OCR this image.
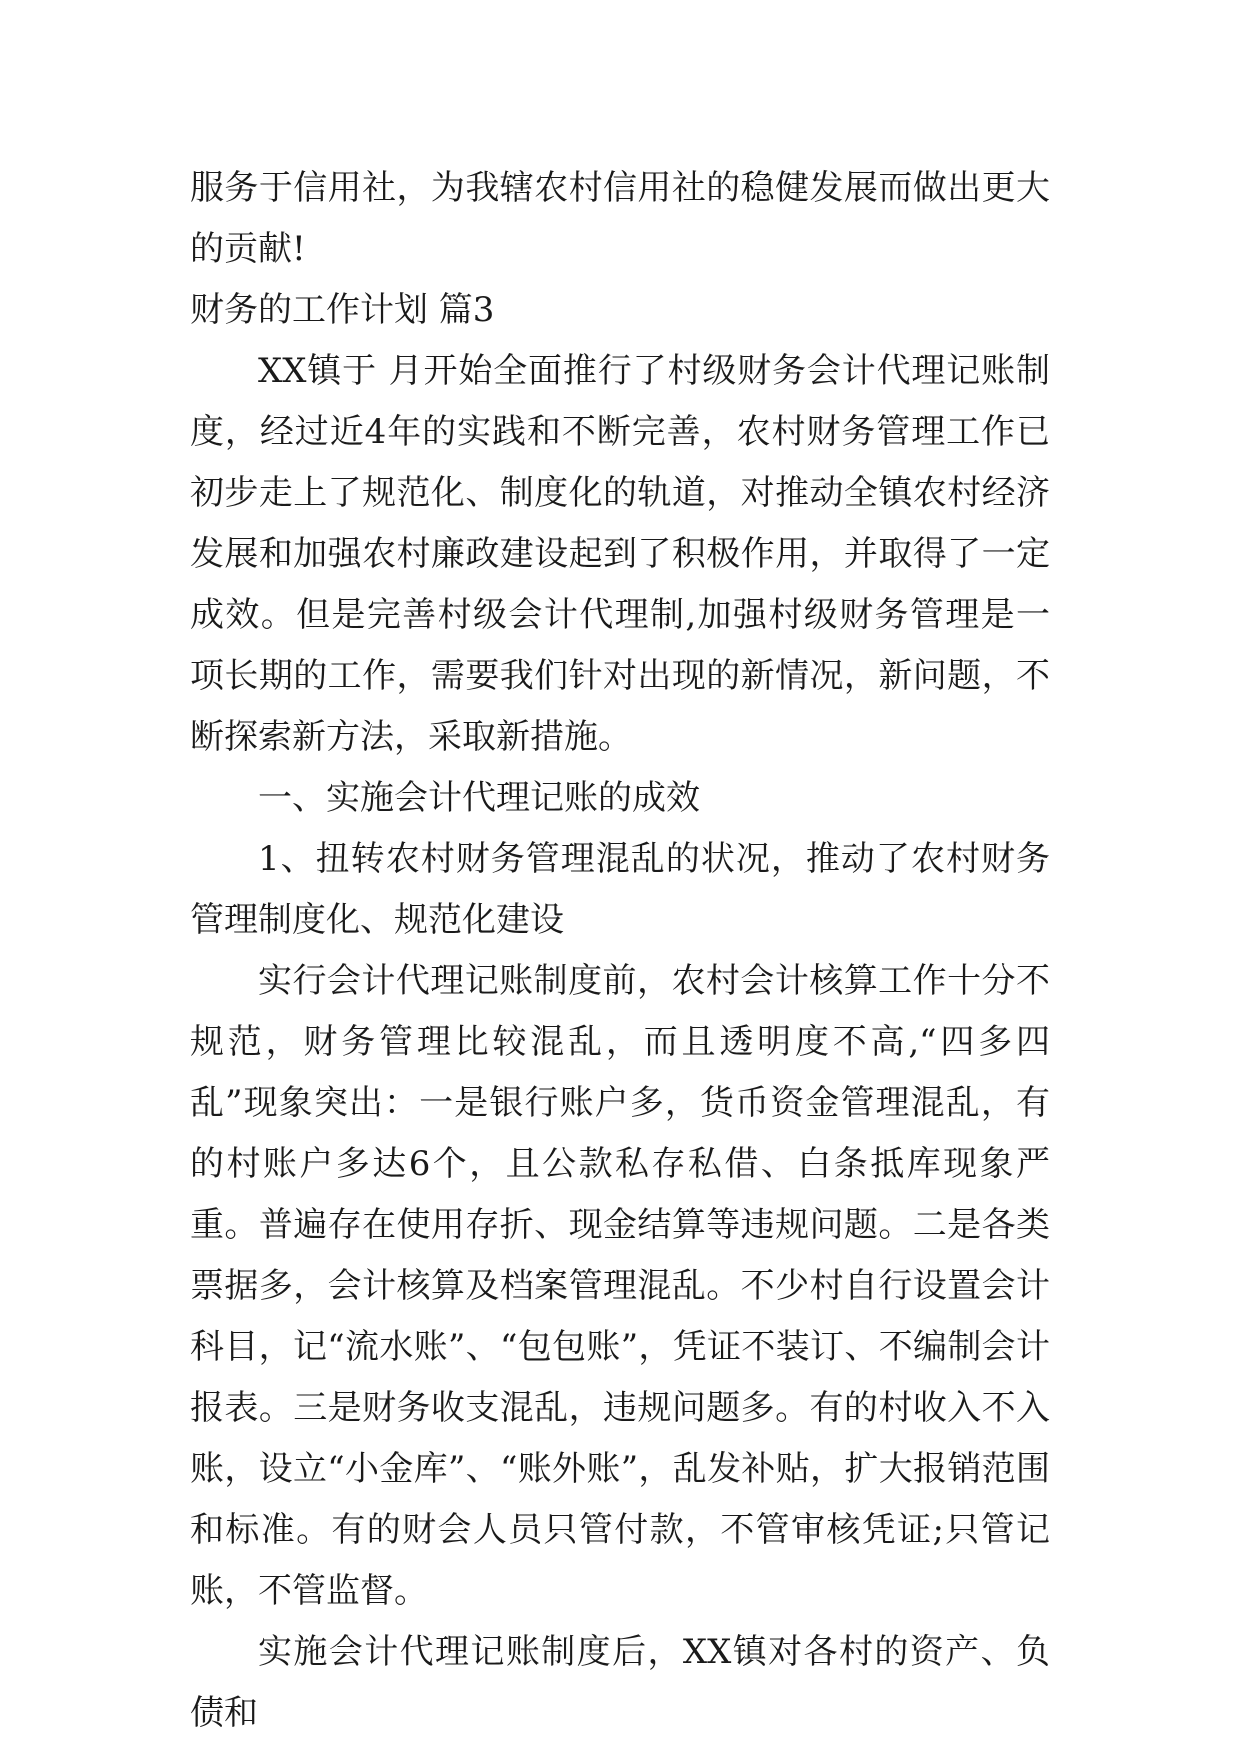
服务于信用社，为我辖农村信用社的稳健发展而做出更大的贡献!

财务的工作计划 篇3

XX镇于 月开始全面推行了村级财务会计代理记账制度，经过近4年的实践和不断完善，农村财务管理工作已初步走上了规范化、制度化的轨道，对推动全镇农村经济发展和加强农村廉政建设起到了积极作用，并取得了一定成效。但是完善村级会计代理制,加强村级财务管理是一项长期的工作，需要我们针对出现的新情况，新问题，不断探索新方法，采取新措施。

一、实施会计代理记账的成效

1、扭转农村财务管理混乱的状况，推动了农村财务管理制度化、规范化建设

实行会计代理记账制度前，农村会计核算工作十分不规范，财务管理比较混乱，而且透明度不高,“四多四乱”现象突出：一是银行账户多，货币资金管理混乱，有的村账户多达6个，且公款私存私借、白条抵库现象严重。普遍存在使用存折、现金结算等违规问题。二是各类票据多，会计核算及档案管理混乱。不少村自行设置会计科目，记“流水账”、“包包账”，凭证不装订、不编制会计报表。三是财务收支混乱，违规问题多。有的村收入不入账，设立“小金库”、“账外账”，乱发补贴，扩大报销范围和标准。有的财会人员只管付款，不管审核凭证;只管记账，不管监督。

实施会计代理记账制度后，XX镇对各村的资产、负债和
